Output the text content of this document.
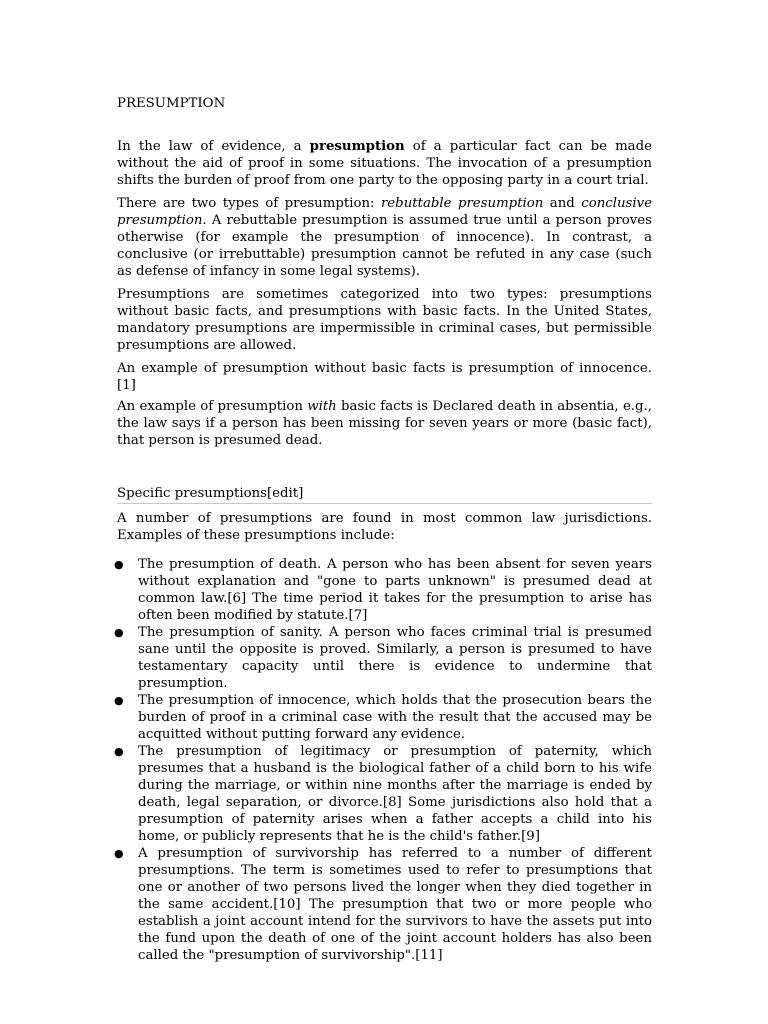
PRESUMPTION

In the law of evidence, a presumption of a particular fact can be made without the aid of proof in some situations. The invocation of a presumption shifts the burden of proof from one party to the opposing party in a court trial.

There are two types of presumption: rebuttable presumption and conclusive presumption. A rebuttable presumption is assumed true until a person proves otherwise (for example the presumption of innocence). In contrast, a conclusive (or irrebuttable) presumption cannot be refuted in any case (such as defense of infancy in some legal systems).

Presumptions are sometimes categorized into two types: presumptions without basic facts, and presumptions with basic facts. In the United States, mandatory presumptions are impermissible in criminal cases, but permissible presumptions are allowed.

An example of presumption without basic facts is presumption of innocence.[1]

An example of presumption with basic facts is Declared death in absentia, e.g., the law says if a person has been missing for seven years or more (basic fact), that person is presumed dead.

Specific presumptions[edit]

A number of presumptions are found in most common law jurisdictions. Examples of these presumptions include:

● The presumption of death. A person who has been absent for seven years without explanation and "gone to parts unknown" is presumed dead at common law.[6] The time period it takes for the presumption to arise has often been modified by statute.[7]
● The presumption of sanity. A person who faces criminal trial is presumed sane until the opposite is proved. Similarly, a person is presumed to have testamentary capacity until there is evidence to undermine that presumption.
● The presumption of innocence, which holds that the prosecution bears the burden of proof in a criminal case with the result that the accused may be acquitted without putting forward any evidence.
● The presumption of legitimacy or presumption of paternity, which presumes that a husband is the biological father of a child born to his wife during the marriage, or within nine months after the marriage is ended by death, legal separation, or divorce.[8] Some jurisdictions also hold that a presumption of paternity arises when a father accepts a child into his home, or publicly represents that he is the child's father.[9]
● A presumption of survivorship has referred to a number of different presumptions. The term is sometimes used to refer to presumptions that one or another of two persons lived the longer when they died together in the same accident.[10] The presumption that two or more people who establish a joint account intend for the survivors to have the assets put into the fund upon the death of one of the joint account holders has also been called the "presumption of survivorship".[11]
